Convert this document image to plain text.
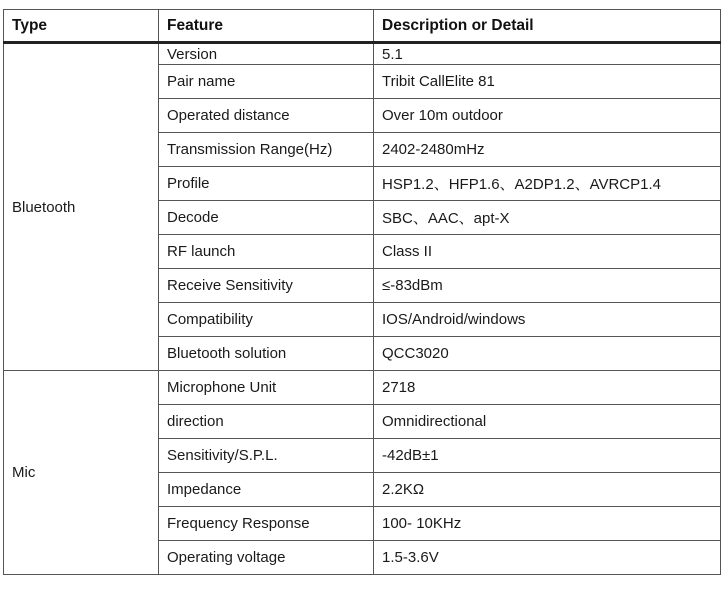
Type	Feature	Description or Detail
Bluetooth	Version	5.1
	Pair name	Tribit CallElite 81
	Operated distance	Over 10m outdoor
	Transmission Range(Hz)	2402-2480mHz
	Profile	HSP1.2、HFP1.6、A2DP1.2、AVRCP1.4
	Decode	SBC、AAC、apt-X
	RF launch	Class II
	Receive Sensitivity	≤-83dBm
	Compatibility	IOS/Android/windows
	Bluetooth solution	QCC3020
Mic	Microphone Unit	2718
	direction	Omnidirectional
	Sensitivity/S.P.L.	-42dB±1
	Impedance	2.2KΩ
	Frequency Response	100- 10KHz
	Operating voltage	1.5-3.6V
